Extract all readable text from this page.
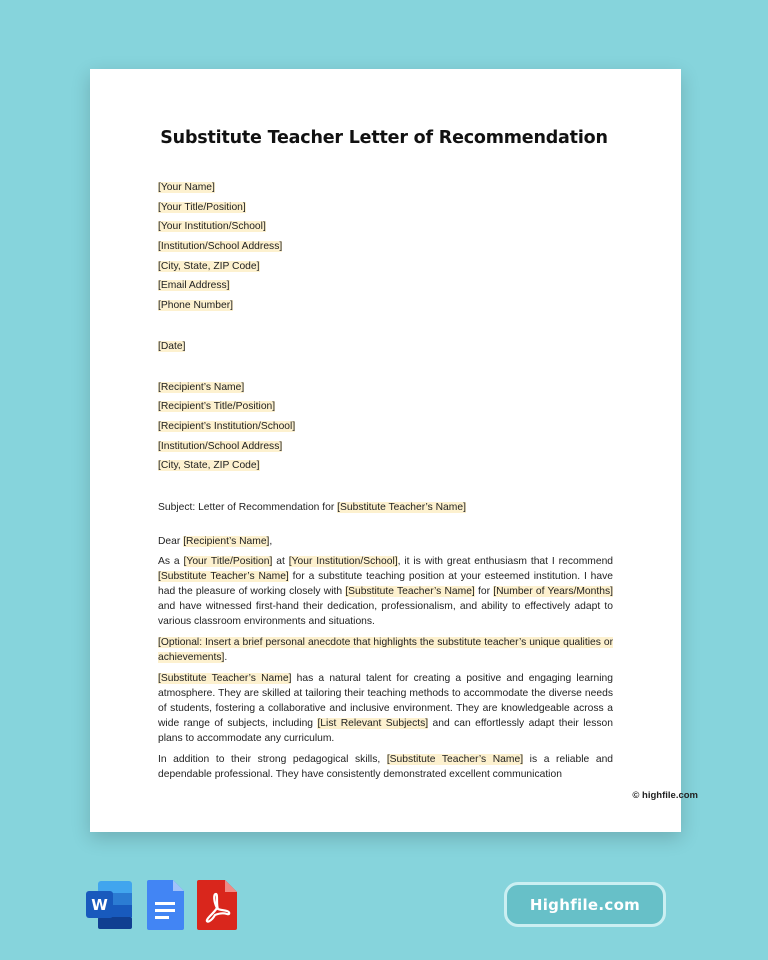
Substitute Teacher Letter of Recommendation
[Your Name]
[Your Title/Position]
[Your Institution/School]
[Institution/School Address]
[City, State, ZIP Code]
[Email Address]
[Phone Number]
[Date]
[Recipient’s Name]
[Recipient’s Title/Position]
[Recipient’s Institution/School]
[Institution/School Address]
[City, State, ZIP Code]
Subject: Letter of Recommendation for [Substitute Teacher’s Name]
Dear [Recipient’s Name],

As a [Your Title/Position] at [Your Institution/School], it is with great enthusiasm that I recommend [Substitute Teacher’s Name] for a substitute teaching position at your esteemed institution. I have had the pleasure of working closely with [Substitute Teacher’s Name] for [Number of Years/Months] and have witnessed first-hand their dedication, professionalism, and ability to effectively adapt to various classroom environments and situations.

[Optional: Insert a brief personal anecdote that highlights the substitute teacher’s unique qualities or achievements].

[Substitute Teacher’s Name] has a natural talent for creating a positive and engaging learning atmosphere. They are skilled at tailoring their teaching methods to accommodate the diverse needs of students, fostering a collaborative and inclusive environment. They are knowledgeable across a wide range of subjects, including [List Relevant Subjects] and can effortlessly adapt their lesson plans to accommodate any curriculum.

In addition to their strong pedagogical skills, [Substitute Teacher’s Name] is a reliable and dependable professional. They have consistently demonstrated excellent communication

© highfile.com
W	Highfile.com
